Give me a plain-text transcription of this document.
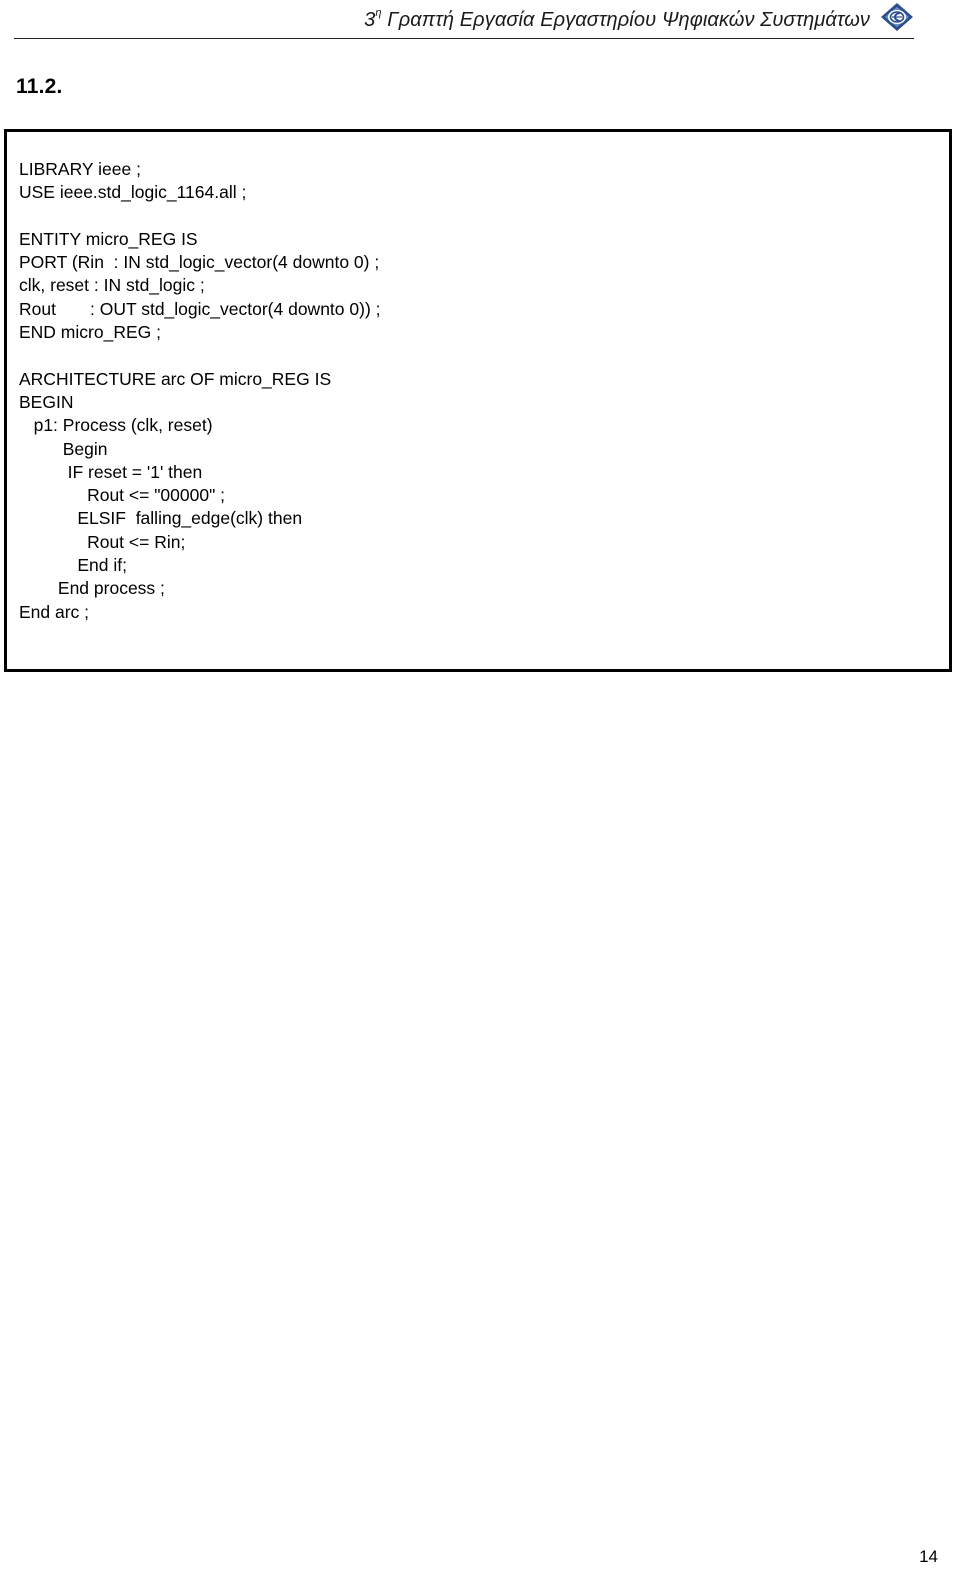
$3^\eta$ Γραπτή Εργασία Εργαστηρίου Ψηφιακών Συστημάτων
11.2.
LIBRARY ieee ;
USE ieee.std_logic_1164.all ;
ENTITY micro_REG IS
PORT (Rin  : IN std_logic_vector(4 downto 0) ;
clk, reset : IN std_logic ;
Rout       : OUT std_logic_vector(4 downto 0)) ;
END micro_REG ;
ARCHITECTURE arc OF micro_REG IS
BEGIN
p1: Process (clk, reset)
Begin
IF reset = '1' then
Rout <= "00000" ;
ELSIF  falling_edge(clk) then
Rout <= Rin;
End if;
End process ;
End arc ;
14
